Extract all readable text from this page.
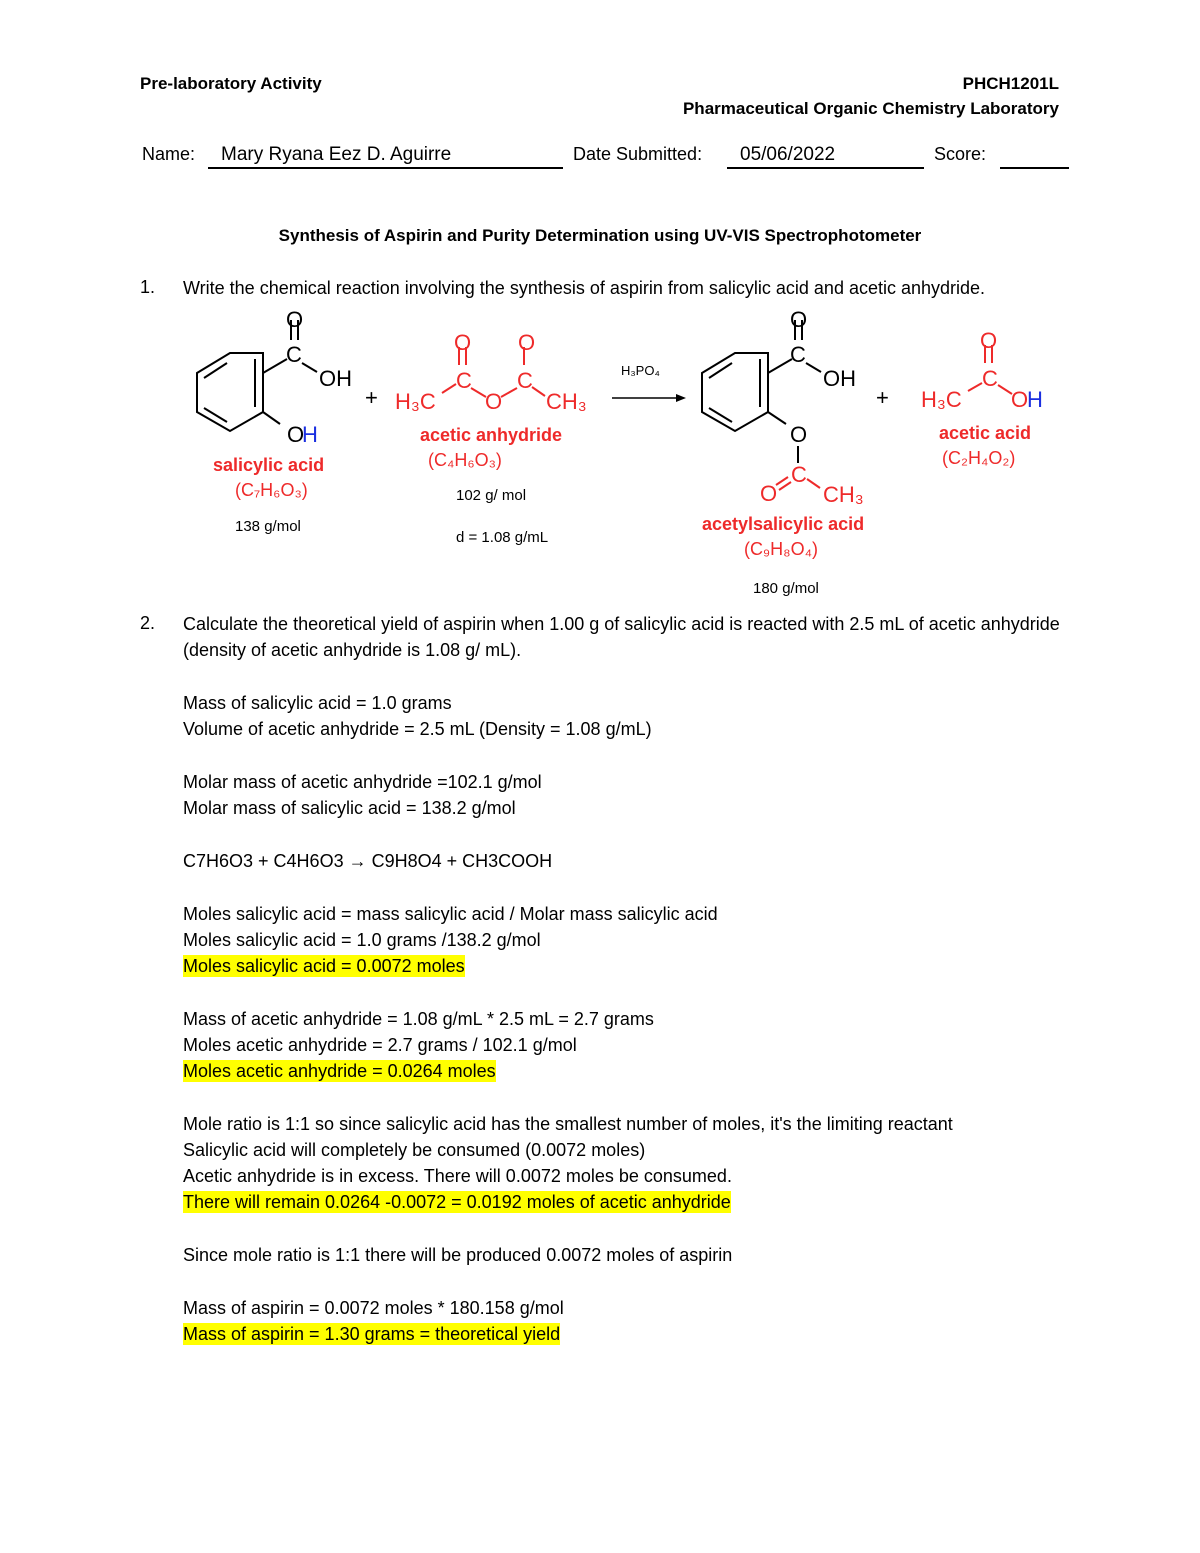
Pre-laboratory Activity	PHCH1201L
Pharmaceutical Organic Chemistry Laboratory
Name: Mary Ryana Eez D. Aguirre	Date Submitted: 05/06/2022	Score:
Synthesis of Aspirin and Purity Determination using UV-VIS Spectrophotometer
1. Write the chemical reaction involving the synthesis of aspirin from salicylic acid and acetic anhydride.
O
C
OH
O
H
salicylic acid
(C₇H₆O₃)
138 g/mol
+ H₃C
C
O
O
C
O
CH₃
acetic anhydride
(C₄H₆O₃)
102 g/ mol
d = 1.08 g/mL
H₃PO₄
O
C
OH
O
C
O CH₃
acetylsalicylic acid
(C₉H₈O₄)
180 g/mol
+ H₃C
C
O
O
H
acetic acid
(C₂H₄O₂)
2. Calculate the theoretical yield of aspirin when 1.00 g of salicylic acid is reacted with 2.5 mL of acetic anhydride (density of acetic anhydride is 1.08 g/ mL).
Mass of salicylic acid = 1.0 grams
Volume of acetic anhydride = 2.5 mL (Density = 1.08 g/mL)
Molar mass of acetic anhydride =102.1 g/mol
Molar mass of salicylic acid = 138.2 g/mol
C7H6O3 + C4H6O3 → C9H8O4 + CH3COOH
Moles salicylic acid = mass salicylic acid / Molar mass salicylic acid
Moles salicylic acid = 1.0 grams /138.2 g/mol
Moles salicylic acid = 0.0072 moles
Mass of acetic anhydride = 1.08 g/mL * 2.5 mL = 2.7 grams
Moles acetic anhydride = 2.7 grams / 102.1 g/mol
Moles acetic anhydride = 0.0264 moles
Mole ratio is 1:1 so since salicylic acid has the smallest number of moles, it's the limiting reactant
Salicylic acid will completely be consumed (0.0072 moles)
Acetic anhydride is in excess. There will 0.0072 moles be consumed.
There will remain 0.0264 -0.0072 = 0.0192 moles of acetic anhydride
Since mole ratio is 1:1 there will be produced 0.0072 moles of aspirin
Mass of aspirin = 0.0072 moles * 180.158 g/mol
Mass of aspirin = 1.30 grams = theoretical yield
